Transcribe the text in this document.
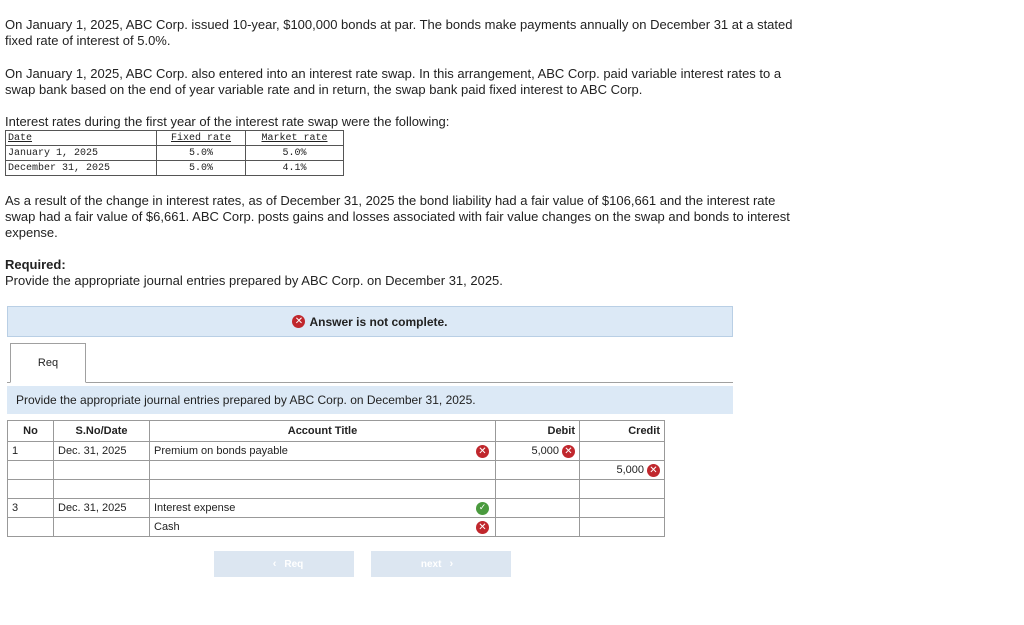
On January 1, 2025, ABC Corp. issued 10-year, $100,000 bonds at par. The bonds make payments annually on December 31 at a stated fixed rate of interest of 5.0%.

On January 1, 2025, ABC Corp. also entered into an interest rate swap. In this arrangement, ABC Corp. paid variable interest rates to a swap bank based on the end of year variable rate and in return, the swap bank paid fixed interest to ABC Corp.

Interest rates during the first year of the interest rate swap were the following:

Date	Fixed rate	Market rate
January 1, 2025	5.0%	5.0%
December 31, 2025	5.0%	4.1%

As a result of the change in interest rates, as of December 31, 2025 the bond liability had a fair value of $106,661 and the interest rate swap had a fair value of $6,661. ABC Corp. posts gains and losses associated with fair value changes on the swap and bonds to interest expense.

Required:
Provide the appropriate journal entries prepared by ABC Corp. on December 31, 2025.
✕ Answer is not complete.
Req
Provide the appropriate journal entries prepared by ABC Corp. on December 31, 2025.
No	S.No/Date	Account Title	Debit	Credit
1	Dec. 31, 2025	Premium on bonds payable ✕	5,000 ✕	

				5,000 ✕

3	Dec. 31, 2025	Interest expense ✓		

		Cash ✕		

‹ Req	next ›
